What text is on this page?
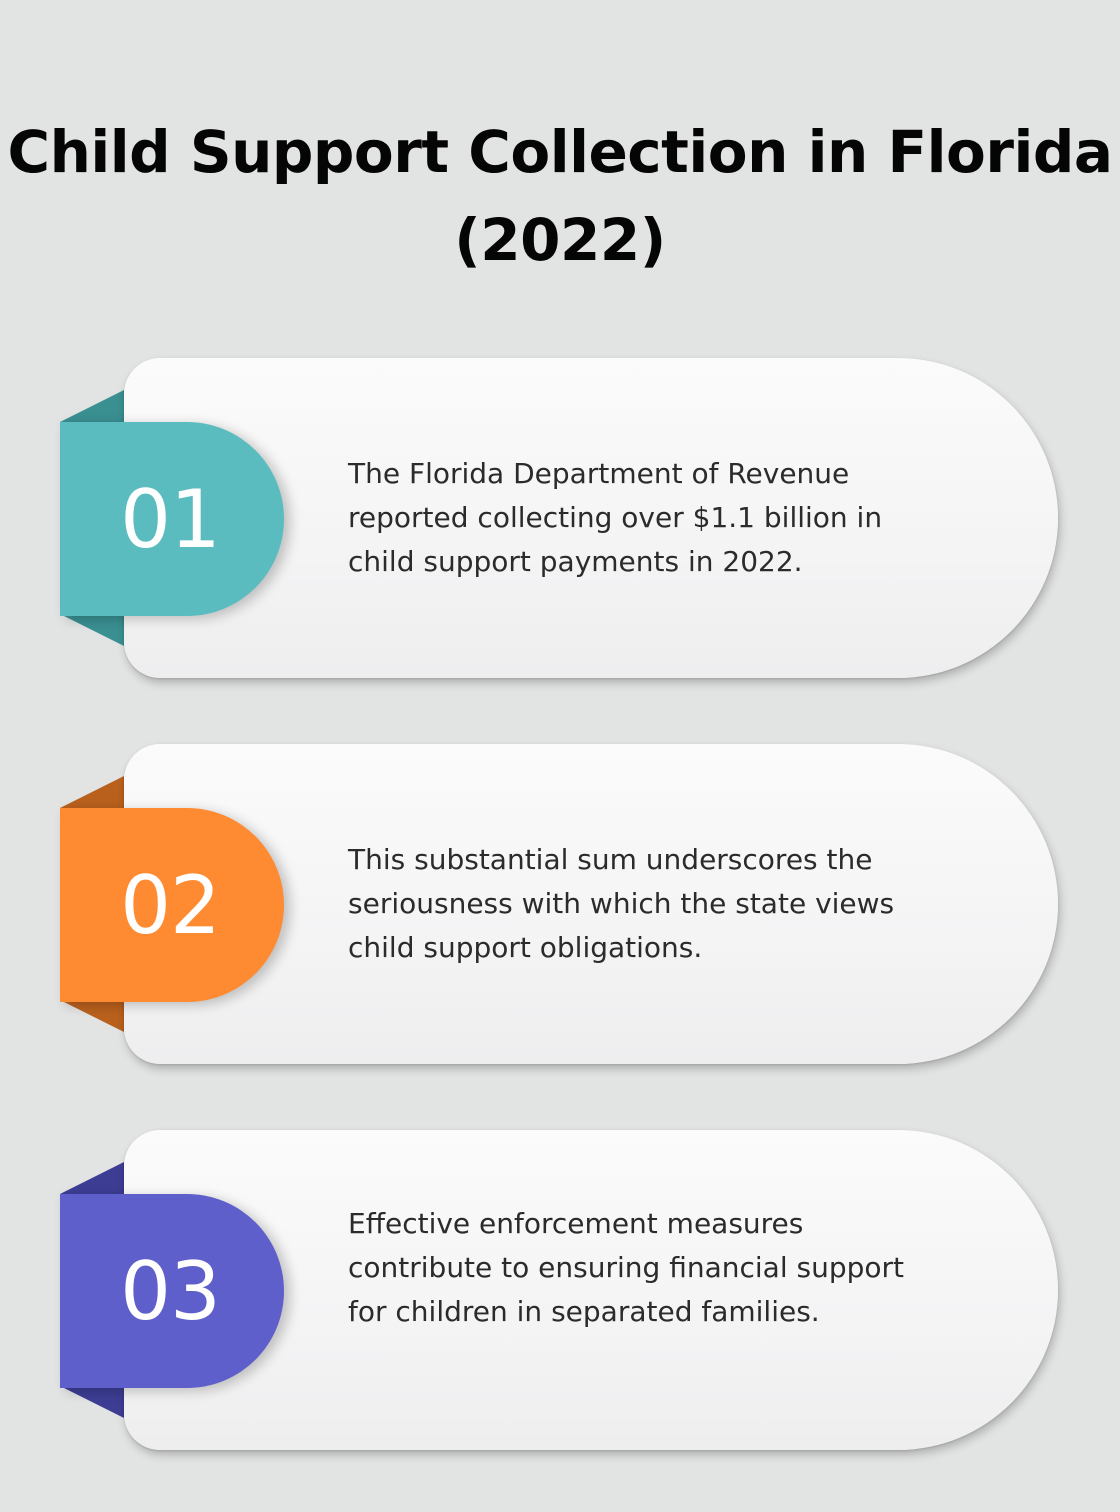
Child Support Collection in Florida (2022)
01	The Florida Department of Revenue reported collecting over $1.1 billion in child support payments in 2022.

02	This substantial sum underscores the seriousness with which the state views child support obligations.

03

Effective enforcement measures contribute to ensuring financial support for children in separated families.
